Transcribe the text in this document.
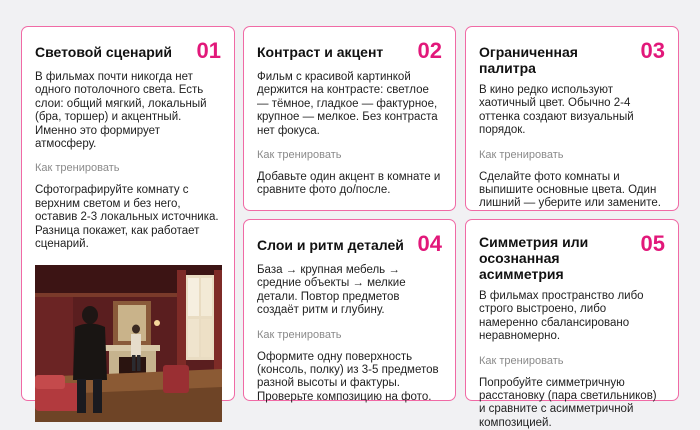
Световой сценарий 01

В фильмах почти никогда нет одного потолочного света. Есть слои: общий мягкий, локальный (бра, торшер) и акцентный. Именно это формирует атмосферу.

Как тренировать

Сфотографируйте комнату с верхним светом и без него, оставив 2-3 локальных источника. Разница покажет, как работает сценарий.

Контраст и акцент 02

Фильм с красивой картинкой держится на контрасте: светлое — тёмное, гладкое — фактурное, крупное — мелкое. Без контраста нет фокуса.

Как тренировать

Добавьте один акцент в комнате и сравните фото до/после.

Ограниченная палитра
03

В кино редко используют хаотичный цвет. Обычно 2-4 оттенка создают визуальный порядок.

Как тренировать

Сделайте фото комнаты и выпишите основные цвета. Один лишний — уберите или замените.

Слои и ритм деталей 04

База → крупная мебель → средние объекты → мелкие детали. Повтор предметов создаёт ритм и глубину.

Как тренировать

Оформите одну поверхность (консоль, полку) из 3-5 предметов разной высоты и фактуры. Проверьте композицию на фото.

Симметрия или осознанная асимметрия
05

В фильмах пространство либо строго выстроено, либо намеренно сбалансировано неравномерно.

Как тренировать

Попробуйте симметричную расстановку (пара светильников) и сравните с асимметричной композицией.
